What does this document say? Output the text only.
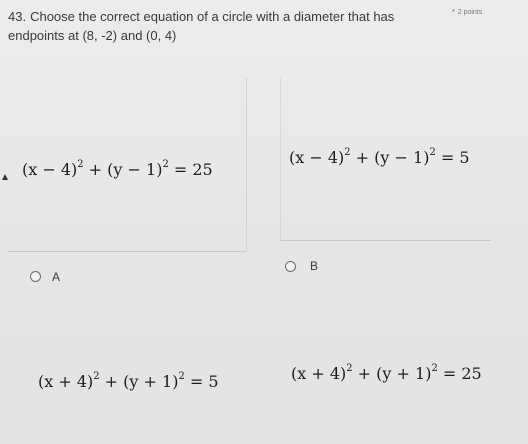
43. Choose the correct equation of a circle with a diameter that has	* 2 points
endpoints at (8, -2) and (0, 4)
$(x - 4)^2 + (y - 1)^2 = 25$
$(x - 4)^2 + (y - 1)^2 = 5$
A
B
$(x + 4)^2 + (y + 1)^2 = 5$	$(x + 4)^2 + (y + 1)^2 = 25$
